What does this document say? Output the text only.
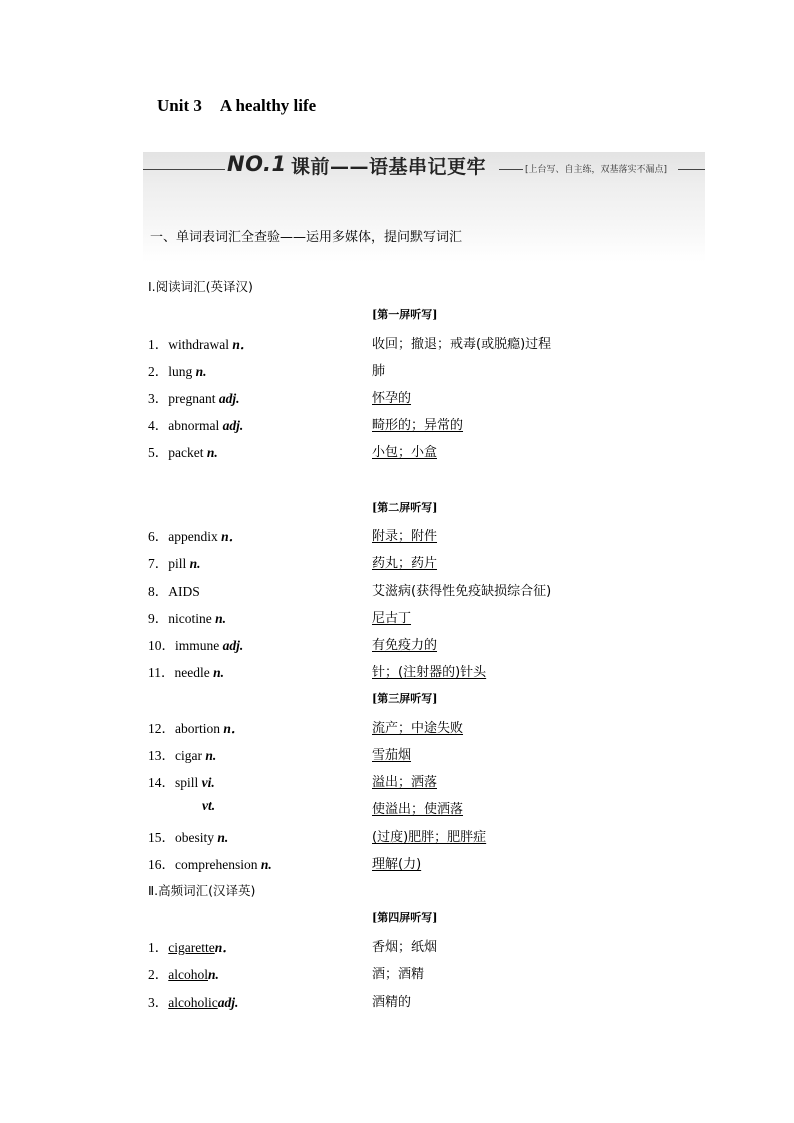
Unit 3 A healthy life
NO.1 课前——语基串记更牢	[上台写、自主练，双基落实不漏点]
一、单词表词汇全查验——运用多媒体，提问默写词汇
Ⅰ.阅读词汇(英译汉)
[第一屏听写]
1．withdrawal n．	收回；撤退；戒毒(或脱瘾)过程
2．lung n.	肺
3．pregnant adj.	怀孕的
4．abnormal adj.	畸形的；异常的
5．packet n.	小包；小盒
[第二屏听写]
6．appendix n．	附录；附件
7．pill n.	药丸；药片
8．AIDS	艾滋病(获得性免疫缺损综合征)
9．nicotine n.	尼古丁
10．immune adj.	有免疫力的
11．needle n.	针；(注射器的)针头
[第三屏听写]
12．abortion n．	流产；中途失败
13．cigar n.	雪茄烟
14．spill vi.	溢出；洒落
vt.	使溢出；使洒落
15．obesity n.	(过度)肥胖；肥胖症
16．comprehension n.	理解(力)
Ⅱ.高频词汇(汉译英)
[第四屏听写]
1．cigaretten．	香烟；纸烟
2．alcoholn.	酒；酒精
3．alcoholicadj.	酒精的
